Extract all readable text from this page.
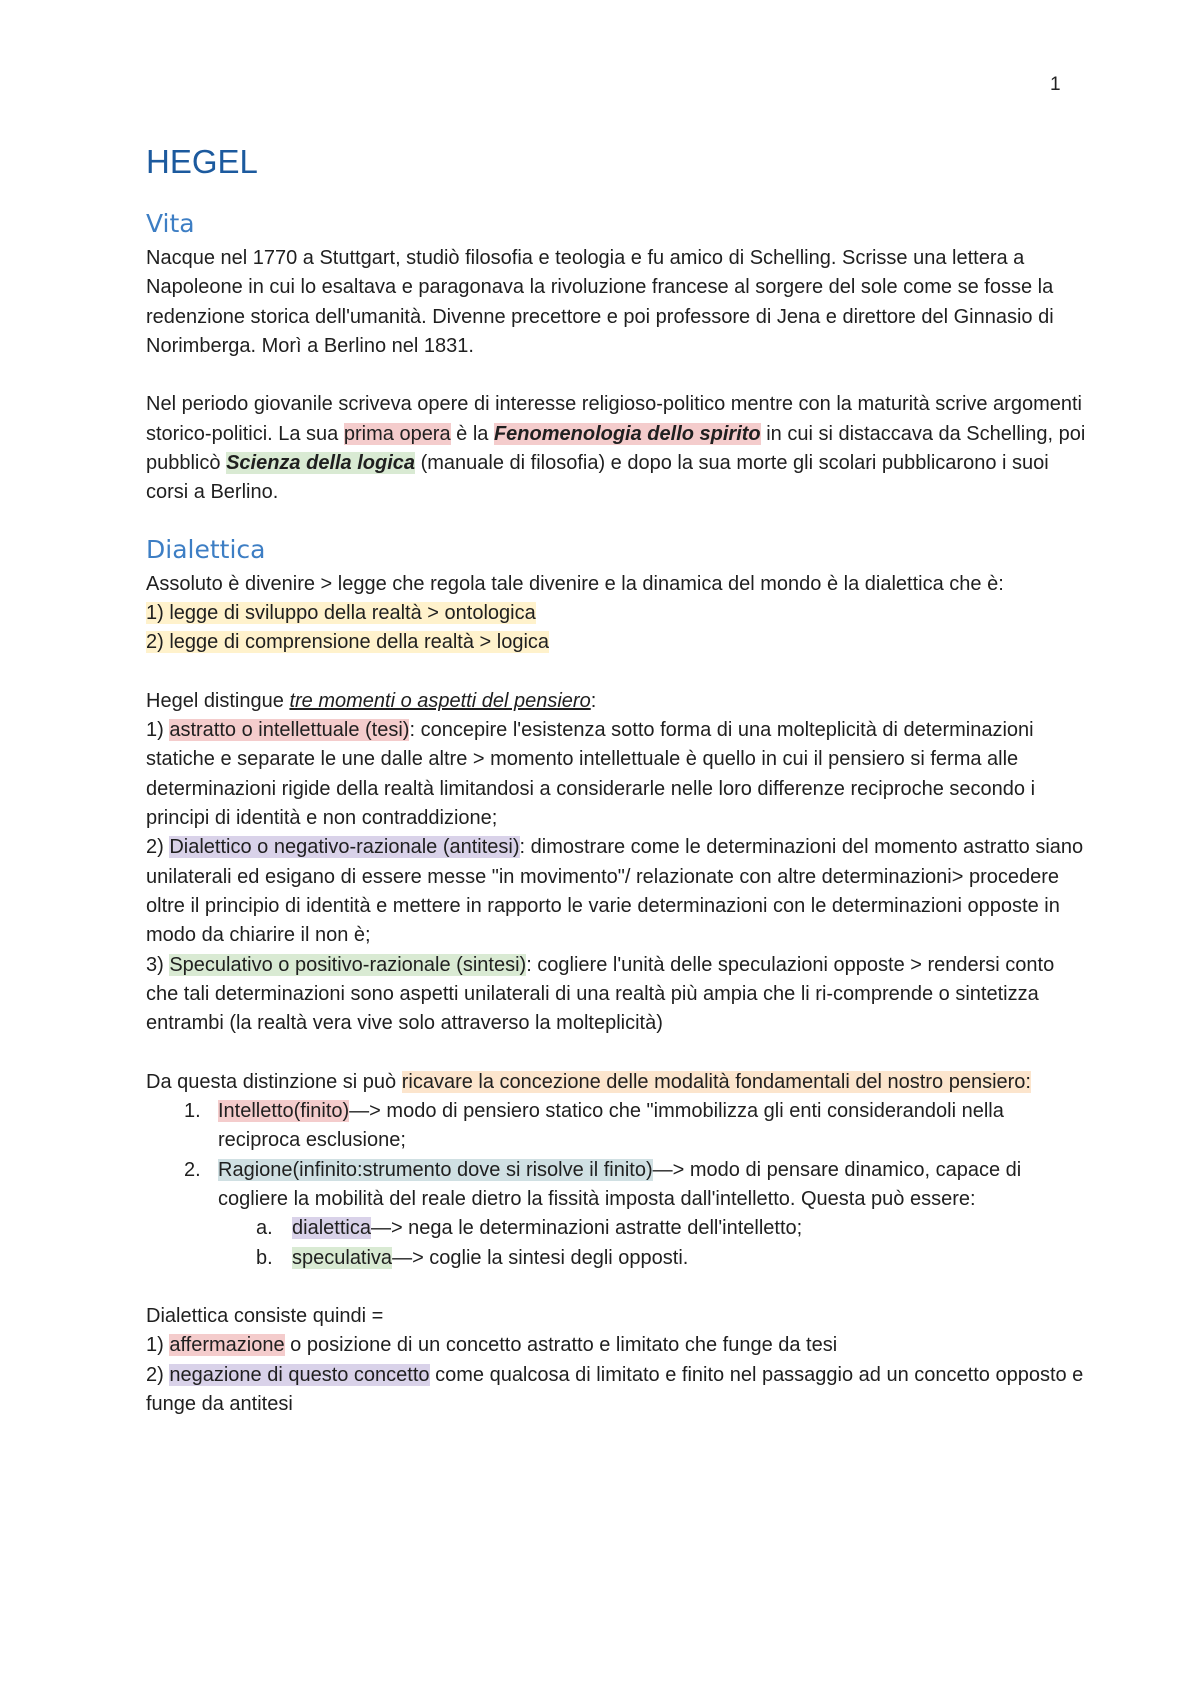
1
HEGEL
Vita

Nacque nel 1770 a Stuttgart, studiò filosofia e teologia e fu amico di Schelling. Scrisse una lettera a Napoleone in cui lo esaltava e paragonava la rivoluzione francese al sorgere del sole come se fosse la redenzione storica dell'umanità. Divenne precettore e poi professore di Jena e direttore del Ginnasio di Norimberga. Morì a Berlino nel 1831.

Nel periodo giovanile scriveva opere di interesse religioso-politico mentre con la maturità scrive argomenti storico-politici. La sua prima opera è la Fenomenologia dello spirito in cui si distaccava da Schelling, poi pubblicò Scienza della logica (manuale di filosofia) e dopo la sua morte gli scolari pubblicarono i suoi corsi a Berlino.

Dialettica

Assoluto è divenire > legge che regola tale divenire e la dinamica del mondo è la dialettica che è:

1) legge di sviluppo della realtà > ontologica

2) legge di comprensione della realtà > logica

Hegel distingue tre momenti o aspetti del pensiero:

1) astratto o intellettuale (tesi): concepire l'esistenza sotto forma di una molteplicità di determinazioni statiche e separate le une dalle altre > momento intellettuale è quello in cui il pensiero si ferma alle determinazioni rigide della realtà limitandosi a considerarle nelle loro differenze reciproche secondo i principi di identità e non contraddizione;

2) Dialettico o negativo-razionale (antitesi): dimostrare come le determinazioni del momento astratto siano unilaterali ed esigano di essere messe "in movimento"/ relazionate con altre determinazioni> procedere oltre il principio di identità e mettere in rapporto le varie determinazioni con le determinazioni opposte in modo da chiarire il non è;

3) Speculativo o positivo-razionale (sintesi): cogliere l'unità delle speculazioni opposte > rendersi conto che tali determinazioni sono aspetti unilaterali di una realtà più ampia che li ri-comprende o sintetizza entrambi (la realtà vera vive solo attraverso la molteplicità)

Da questa distinzione si può ricavare la concezione delle modalità fondamentali del nostro pensiero:

1. Intelletto(finito)—> modo di pensiero statico che "immobilizza gli enti considerandoli nella reciproca esclusione;
2. Ragione(infinito:strumento dove si risolve il finito)—> modo di pensare dinamico, capace di cogliere la mobilità del reale dietro la fissità imposta dall'intelletto. Questa può essere:
a. dialettica—> nega le determinazioni astratte dell'intelletto;
b. speculativa—> coglie la sintesi degli opposti.

Dialettica consiste quindi =

1) affermazione o posizione di un concetto astratto e limitato che funge da tesi

2) negazione di questo concetto come qualcosa di limitato e finito nel passaggio ad un concetto opposto e funge da antitesi
